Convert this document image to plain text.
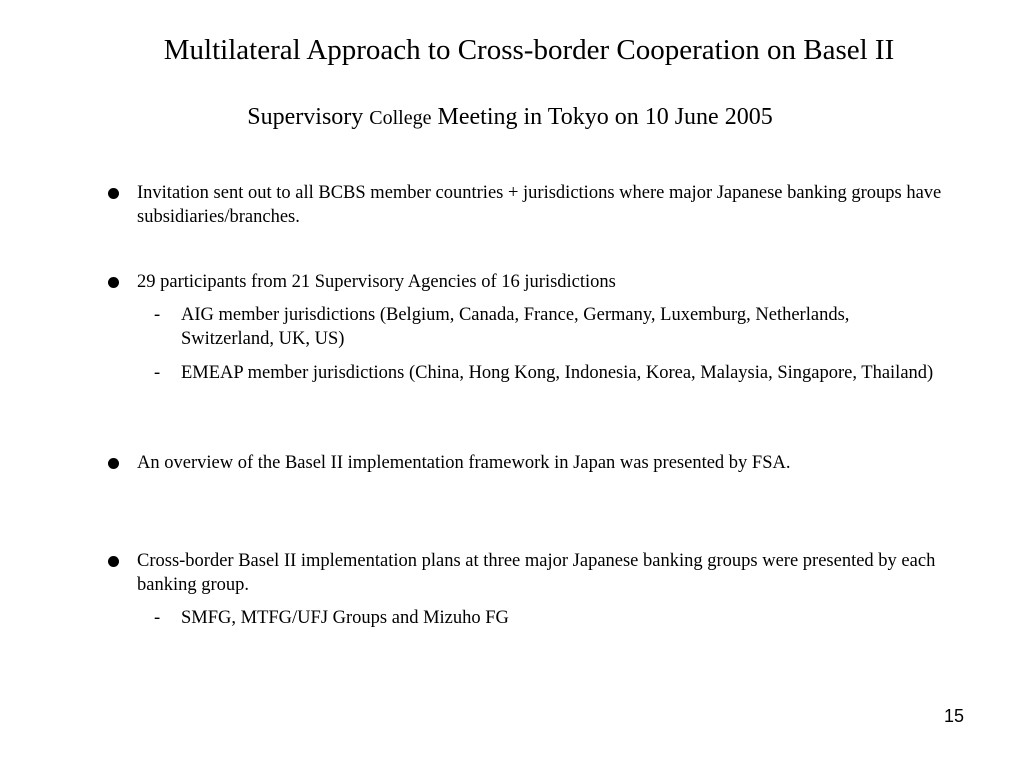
Multilateral Approach to Cross-border Cooperation on Basel II
Supervisory College Meeting in Tokyo on 10 June 2005
Invitation sent out to all BCBS member countries + jurisdictions where major Japanese banking groups have subsidiaries/branches.
29 participants from 21 Supervisory Agencies of 16 jurisdictions
- AIG member jurisdictions (Belgium, Canada, France, Germany, Luxemburg, Netherlands, Switzerland, UK, US)
- EMEAP member jurisdictions (China, Hong Kong, Indonesia, Korea, Malaysia, Singapore, Thailand)
An overview of the Basel II implementation framework in Japan was presented by FSA.
Cross-border Basel II implementation plans at three major Japanese banking groups were presented by each banking group.
- SMFG, MTFG/UFJ Groups and Mizuho FG
15
